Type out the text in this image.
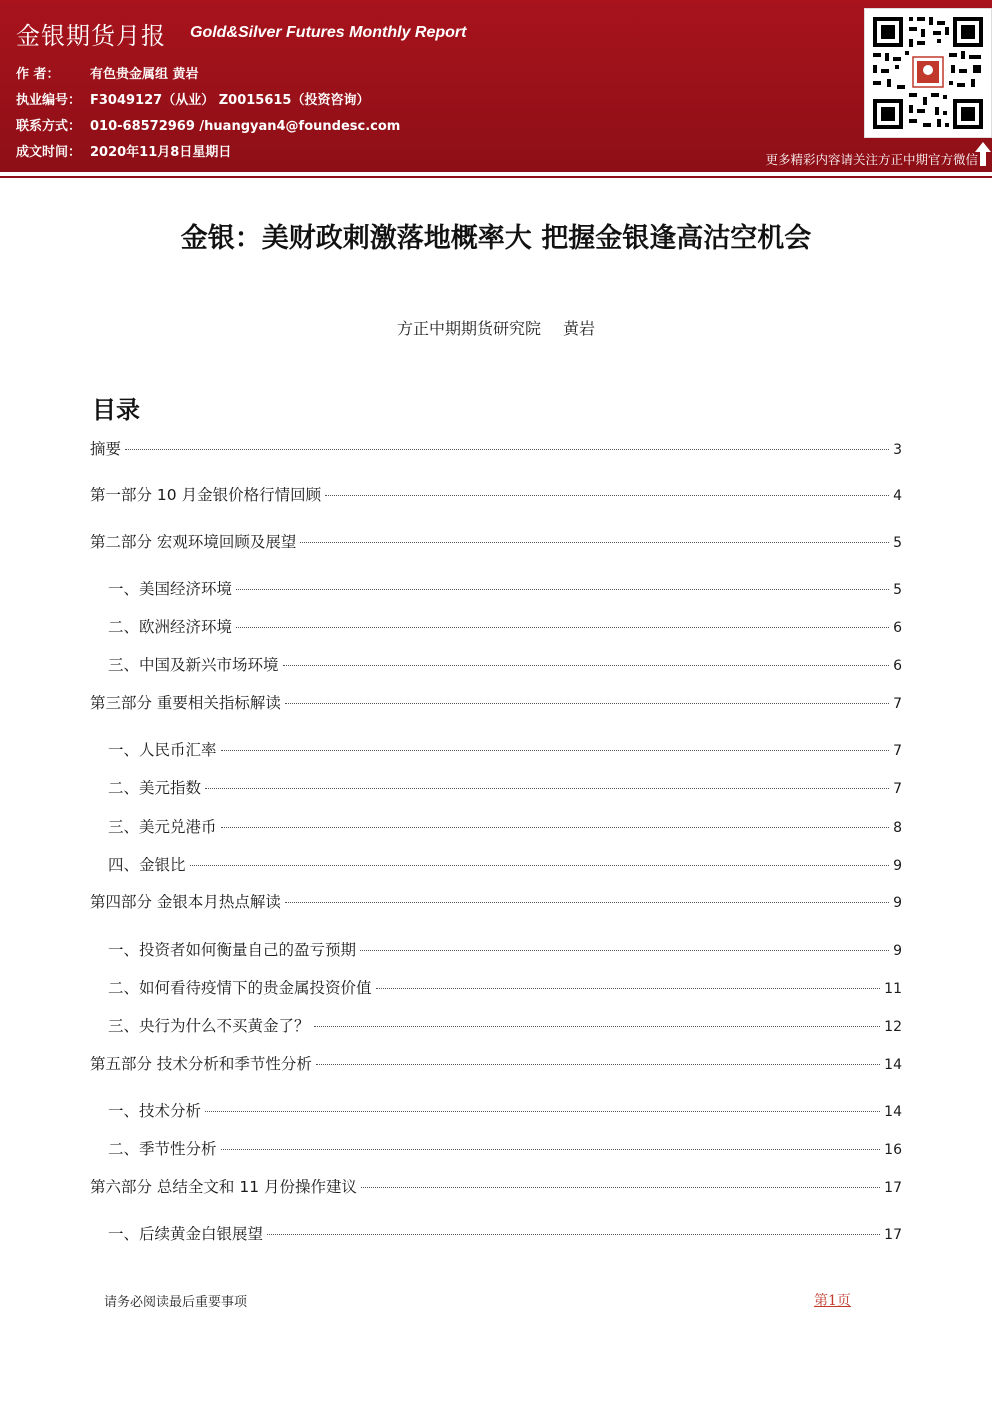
金银期货月报 Gold&Silver Futures Monthly Report
作 者： 有色贵金属组 黄岩
执业编号： F3049127（从业） Z0015615（投资咨询）
联系方式： 010-68572969 /huangyan4@foundesc.com
成文时间： 2020年11月8日星期日	更多精彩内容请关注方正中期官方微信
金银：美财政刺激落地概率大 把握金银逢高沽空机会
方正中期期货研究院 黄岩
目录
摘要	3
第一部分 10 月金银价格行情回顾	4
第二部分 宏观环境回顾及展望	5
一、美国经济环境	5
二、欧洲经济环境	6
三、中国及新兴市场环境	6
第三部分 重要相关指标解读	7
一、人民币汇率	7
二、美元指数	7
三、美元兑港币	8
四、金银比	9
第四部分 金银本月热点解读	9
一、投资者如何衡量自己的盈亏预期	9
二、如何看待疫情下的贵金属投资价值	11
三、央行为什么不买黄金了？	12
第五部分 技术分析和季节性分析	14
一、技术分析	14
二、季节性分析	16
第六部分 总结全文和 11 月份操作建议	17
一、后续黄金白银展望	17
请务必阅读最后重要事项	第1页
